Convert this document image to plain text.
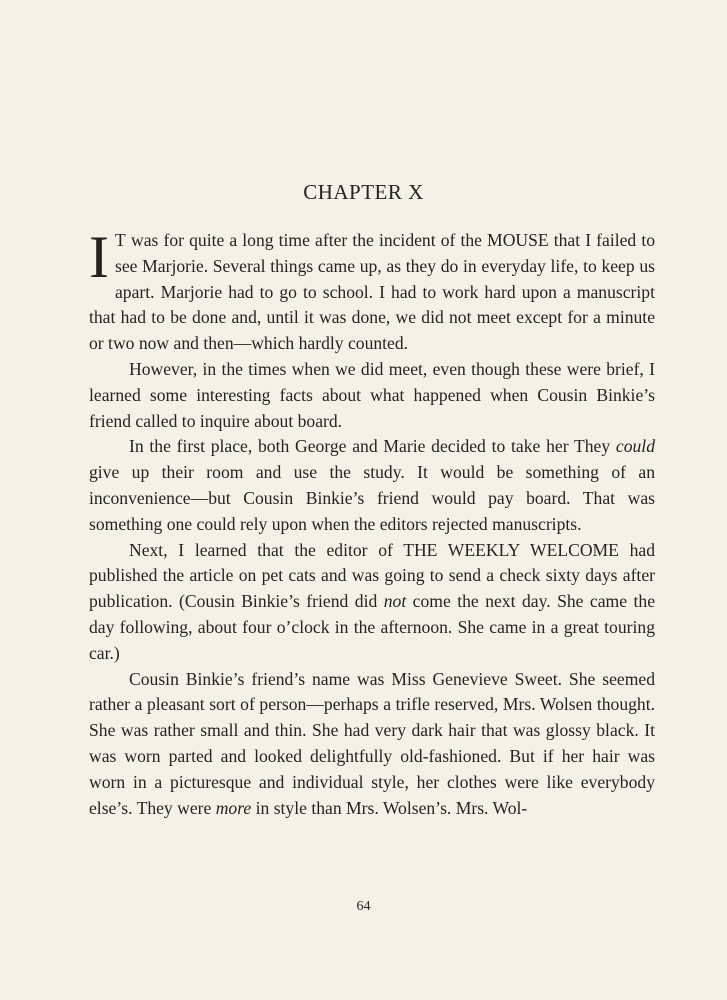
CHAPTER X

I T was for quite a long time after the incident of the MOUSE that I failed to see Marjorie. Several things came up, as they do in everyday life, to keep us apart. Marjorie had to go to school. I had to work hard upon a manuscript that had to be done and, until it was done, we did not meet except for a minute or two now and then—which hardly counted.

However, in the times when we did meet, even though these were brief, I learned some interesting facts about what happened when Cousin Binkie’s friend called to inquire about board.

In the first place, both George and Marie decided to take her They could give up their room and use the study. It would be something of an inconvenience—but Cousin Binkie’s friend would pay board. That was something one could rely upon when the editors rejected manuscripts.

Next, I learned that the editor of THE WEEKLY WELCOME had published the article on pet cats and was going to send a check sixty days after publication. (Cousin Binkie’s friend did not come the next day. She came the day following, about four o’clock in the afternoon. She came in a great touring car.)

Cousin Binkie’s friend’s name was Miss Genevieve Sweet. She seemed rather a pleasant sort of person—perhaps a trifle reserved, Mrs. Wolsen thought. She was rather small and thin. She had very dark hair that was glossy black. It was worn parted and looked delightfully old-fashioned. But if her hair was worn in a picturesque and individual style, her clothes were like everybody else’s. They were more in style than Mrs. Wolsen’s. Mrs. Wol-

64
